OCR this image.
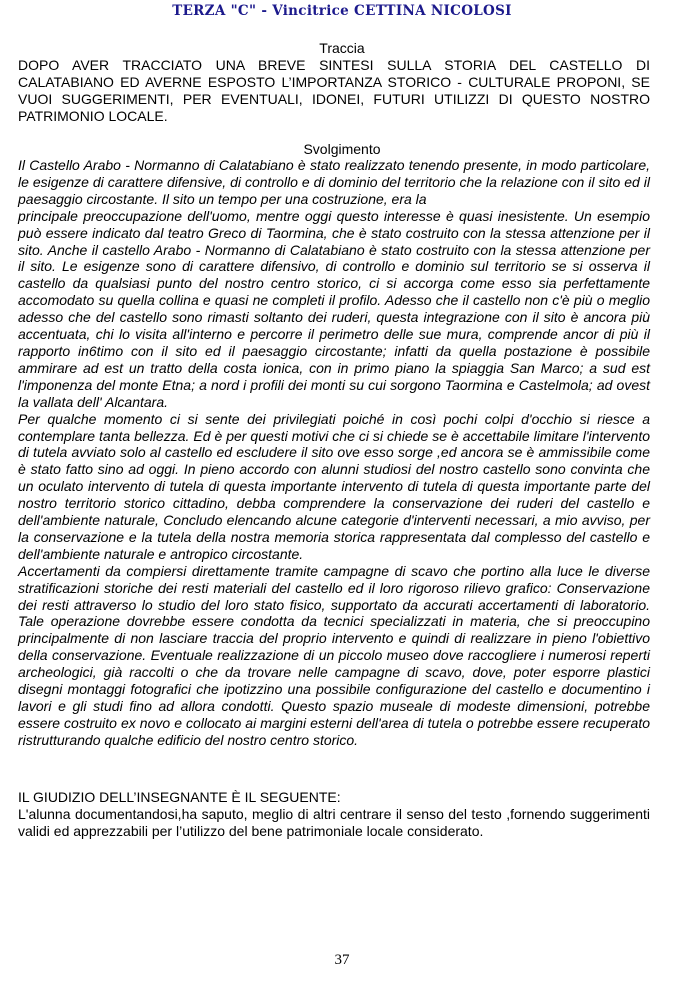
TERZA "C" - Vincitrice CETTINA NICOLOSI
Traccia

DOPO AVER TRACCIATO UNA BREVE SINTESI SULLA STORIA DEL CASTELLO DI CALATABIANO ED AVERNE ESPOSTO L’IMPORTANZA STORICO - CULTURALE PROPONI, SE VUOI SUGGERIMENTI, PER EVENTUALI, IDONEI, FUTURI UTILIZZI DI QUESTO NOSTRO PATRIMONIO LOCALE.

Svolgimento

Il Castello Arabo - Normanno di Calatabiano è stato realizzato tenendo presente, in modo particolare, le esigenze di carattere difensive, di controllo e di dominio del territorio che la relazione con il sito ed il paesaggio circostante. Il sito un tempo per una costruzione, era la

principale preoccupazione dell'uomo, mentre oggi questo interesse è quasi inesistente. Un esempio può essere indicato dal teatro Greco di Taormina, che è stato costruito con la stessa attenzione per il sito. Anche il castello Arabo - Normanno di Calatabiano è stato costruito con la stessa attenzione per il sito. Le esigenze sono di carattere difensivo, di controllo e dominio sul territorio se si osserva il castello da qualsiasi punto del nostro centro storico, ci si accorga come esso sia perfettamente accomodato su quella collina e quasi ne completi il profilo. Adesso che il castello non c'è più o meglio adesso che del castello sono rimasti soltanto dei ruderi, questa integrazione con il sito è ancora più accentuata, chi lo visita all'interno e percorre il perimetro delle sue mura, comprende ancor di più il rapporto in6timo con il sito ed il paesaggio circostante; infatti da quella postazione è possibile ammirare ad est un tratto della costa ionica, con in primo piano la spiaggia San Marco; a sud est l'imponenza del monte Etna; a nord i profili dei monti su cui sorgono Taormina e Castelmola; ad ovest la vallata dell' Alcantara.

Per qualche momento ci si sente dei privilegiati poiché in così pochi colpi d'occhio si riesce a contemplare tanta bellezza. Ed è per questi motivi che ci si chiede se è accettabile limitare l'intervento di tutela avviato solo al castello ed escludere il sito ove esso sorge ,ed ancora se è ammissibile come è stato fatto sino ad oggi. In pieno accordo con alunni studiosi del nostro castello sono convinta che un oculato intervento di tutela di questa importante intervento di tutela di questa importante parte del nostro territorio storico cittadino, debba comprendere la conservazione dei ruderi del castello e dell'ambiente naturale, Concludo elencando alcune categorie d'interventi necessari, a mio avviso, per la conservazione e la tutela della nostra memoria storica rappresentata dal complesso del castello e dell'ambiente naturale e antropico circostante.

Accertamenti da compiersi direttamente tramite campagne di scavo che portino alla luce le diverse stratificazioni storiche dei resti materiali del castello ed il loro rigoroso rilievo grafico: Conservazione dei resti attraverso lo studio del loro stato fisico, supportato da accurati accertamenti di laboratorio. Tale operazione dovrebbe essere condotta da tecnici specializzati in materia, che si preoccupino principalmente di non lasciare traccia del proprio intervento e quindi di realizzare in pieno l'obiettivo della conservazione. Eventuale realizzazione di un piccolo museo dove raccogliere i numerosi reperti archeologici, già raccolti o che da trovare nelle campagne di scavo, dove, poter esporre plastici disegni montaggi fotografici che ipotizzino una possibile configurazione del castello e documentino i lavori e gli studi fino ad allora condotti. Questo spazio museale di modeste dimensioni, potrebbe essere costruito ex novo e collocato ai margini esterni dell'area di tutela o potrebbe essere recuperato ristrutturando qualche edificio del nostro centro storico.

IL GIUDIZIO DELL’INSEGNANTE È IL SEGUENTE:

L'alunna documentandosi,ha saputo, meglio di altri centrare il senso del testo ,fornendo suggerimenti validi ed apprezzabili per l’utilizzo del bene patrimoniale locale considerato.

37
